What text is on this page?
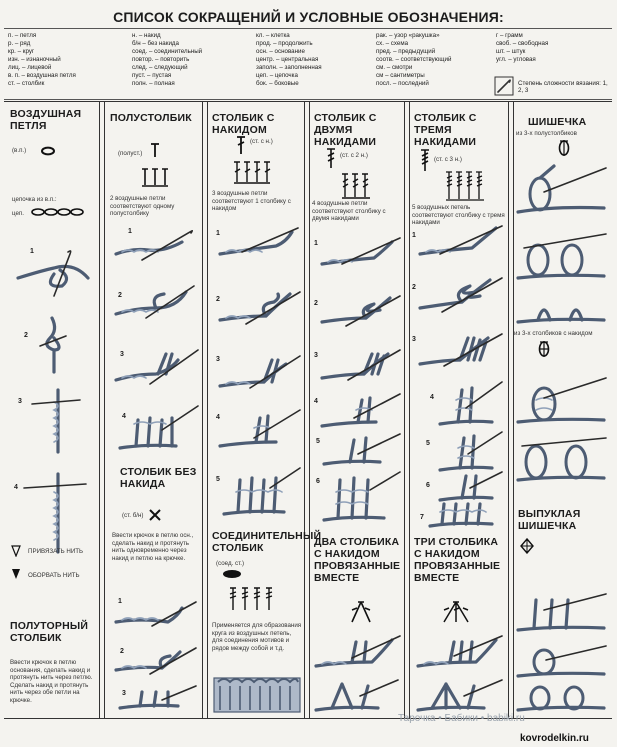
СПИСОК СОКРАЩЕНИЙ И УСЛОВНЫЕ ОБОЗНАЧЕНИЯ:
п. – петля
р. – ряд
кр. – круг
изн. – изнаночный
лиц. – лицевой
в. п. – воздушная петля
ст. – столбик
н. – накид
б/н – без накида
соед. – соединительный
повтор. – повторить
след. – следующий
пуст. – пустая
полн. – полная
кл. – клетка
прод. – продолжить
осн. – основание
центр. – центральная
заполн. – заполненная
цеп. – цепочка
бок. – боковые
рак. – узор «ракушка»
сх. – схема
пред. – предыдущий
соотв. – соответствующий
см. – смотри
см – сантиметры
посл. – последний
г – грамм
своб. – свободная
шт. – штук
угл. – угловая
Степень сложности вязания: 1, 2, 3
ВОЗДУШНАЯ ПЕТЛЯ
(в.п.)
цепочка из в.п.:
цеп.
1
2
3
4
ПРИВЯЗАТЬ НИТЬ
ОБОРВАТЬ НИТЬ
ПОЛУТОРНЫЙ СТОЛБИК
Ввести крючок в петлю основания, сделать накид и протянуть нить через петлю. Сделать накид и протянуть нить через обе петли на крючке.
ПОЛУСТОЛБИК
(полуст.)
2 воздушные петли соответствуют одному полустолбику
1
2
3
4
СТОЛБИК БЕЗ НАКИДА
(ст. б/н)
Ввести крючок в петлю осн., сделать накид и протянуть нить одновременно через накид и петлю на крючке.
1
2
3
СТОЛБИК С НАКИДОМ
(ст. с н.)
3 воздушные петли соответствуют 1 столбику с накидом
1
2
3
4
5
СОЕДИНИТЕЛЬНЫЙ СТОЛБИК
(соед. ст.)
Применяется для образования круга из воздушных петель, для соединения мотивов и рядов между собой и т.д.
СТОЛБИК С ДВУМЯ НАКИДАМИ
(ст. с 2 н.)
4 воздушные петли соответствуют столбику с двумя накидами
1
2
3
4
5
6
ДВА СТОЛБИКА С НАКИДОМ ПРОВЯЗАННЫЕ ВМЕСТЕ
СТОЛБИК С ТРЕМЯ НАКИДАМИ
(ст. с 3 н.)
5 воздушных петель соответствуют столбику с тремя накидами
1
2
3
4
5
6
7
ТРИ СТОЛБИКА С НАКИДОМ ПРОВЯЗАННЫЕ ВМЕСТЕ
ШИШЕЧКА
из 3-х полустолбиков
из 3-х столбиков с накидом
ВЫПУКЛАЯ ШИШЕЧКА
Тарочка • Бабики • babiki.ru
kovrodelkin.ru
